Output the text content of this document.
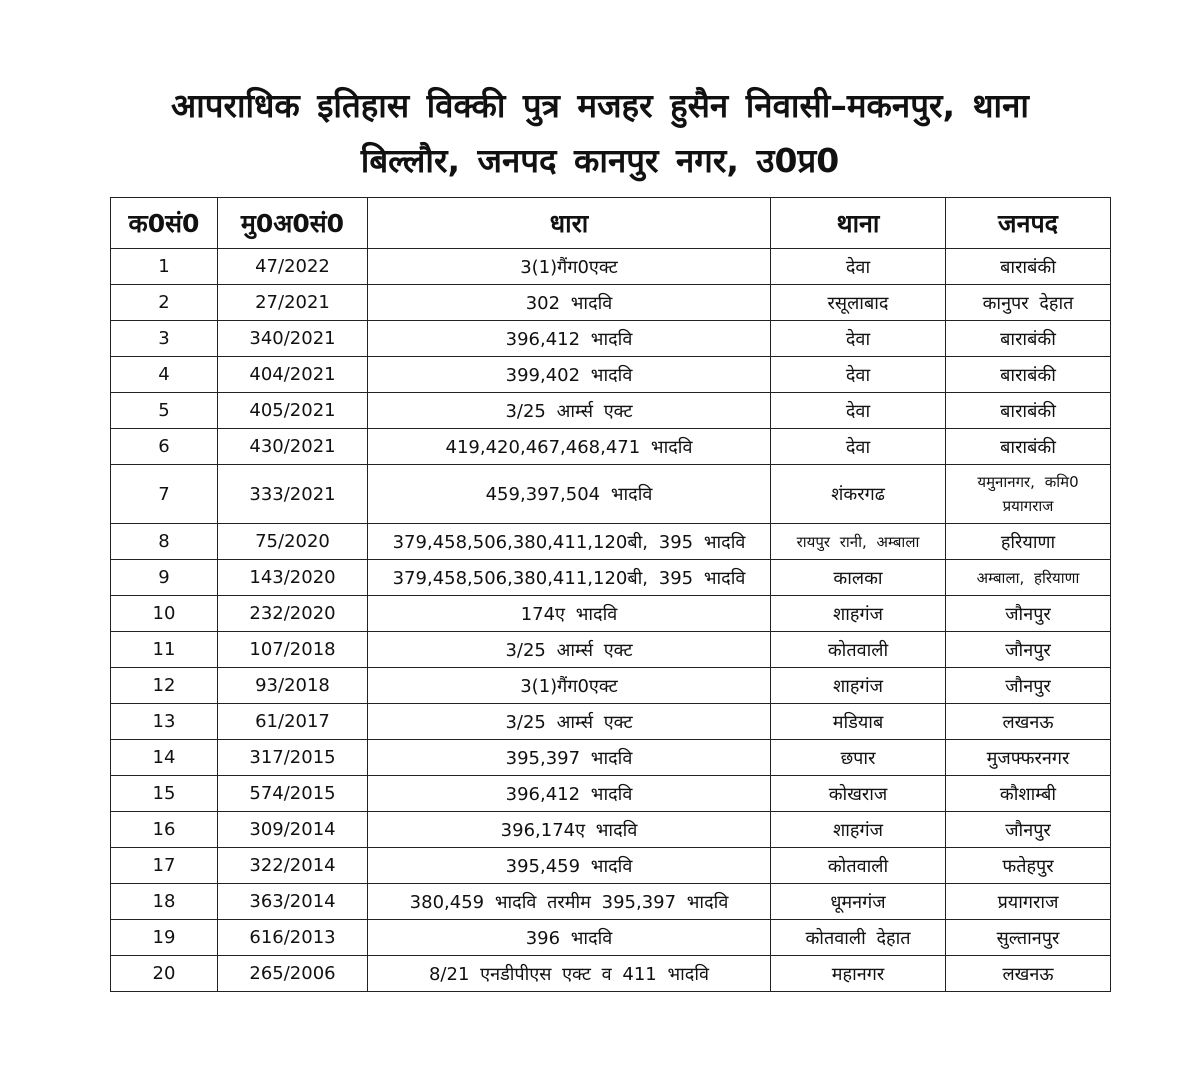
आपराधिक इतिहास विक्की पुत्र मजहर हुसैन निवासी–मकनपुर, थाना
बिल्लौर, जनपद कानपुर नगर, उ0प्र0
क0सं0	मु0अ0सं0	धारा	थाना	जनपद
1	47/2022	3(1)गैंग0एक्ट	देवा	बाराबंकी
2	27/2021	302 भादवि	रसूलाबाद	कानुपर देहात
3	340/2021	396,412 भादवि	देवा	बाराबंकी
4	404/2021	399,402 भादवि	देवा	बाराबंकी
5	405/2021	3/25 आर्म्स एक्ट	देवा	बाराबंकी
6	430/2021	419,420,467,468,471 भादवि	देवा	बाराबंकी
7	333/2021	459,397,504 भादवि	शंकरगढ	यमुनानगर, कमि0 प्रयागराज
8	75/2020	379,458,506,380,411,120बी, 395 भादवि	रायपुर रानी, अम्बाला	हरियाणा
9	143/2020	379,458,506,380,411,120बी, 395 भादवि	कालका	अम्बाला, हरियाणा
10	232/2020	174ए भादवि	शाहगंज	जौनपुर
11	107/2018	3/25 आर्म्स एक्ट	कोतवाली	जौनपुर
12	93/2018	3(1)गैंग0एक्ट	शाहगंज	जौनपुर
13	61/2017	3/25 आर्म्स एक्ट	मडियाब	लखनऊ
14	317/2015	395,397 भादवि	छपार	मुजफ्फरनगर
15	574/2015	396,412 भादवि	कोखराज	कौशाम्बी
16	309/2014	396,174ए भादवि	शाहगंज	जौनपुर
17	322/2014	395,459 भादवि	कोतवाली	फतेहपुर
18	363/2014	380,459 भादवि तरमीम 395,397 भादवि	धूमनगंज	प्रयागराज
19	616/2013	396 भादवि	कोतवाली देहात	सुल्तानपुर
20	265/2006	8/21 एनडीपीएस एक्ट व 411 भादवि	महानगर	लखनऊ
